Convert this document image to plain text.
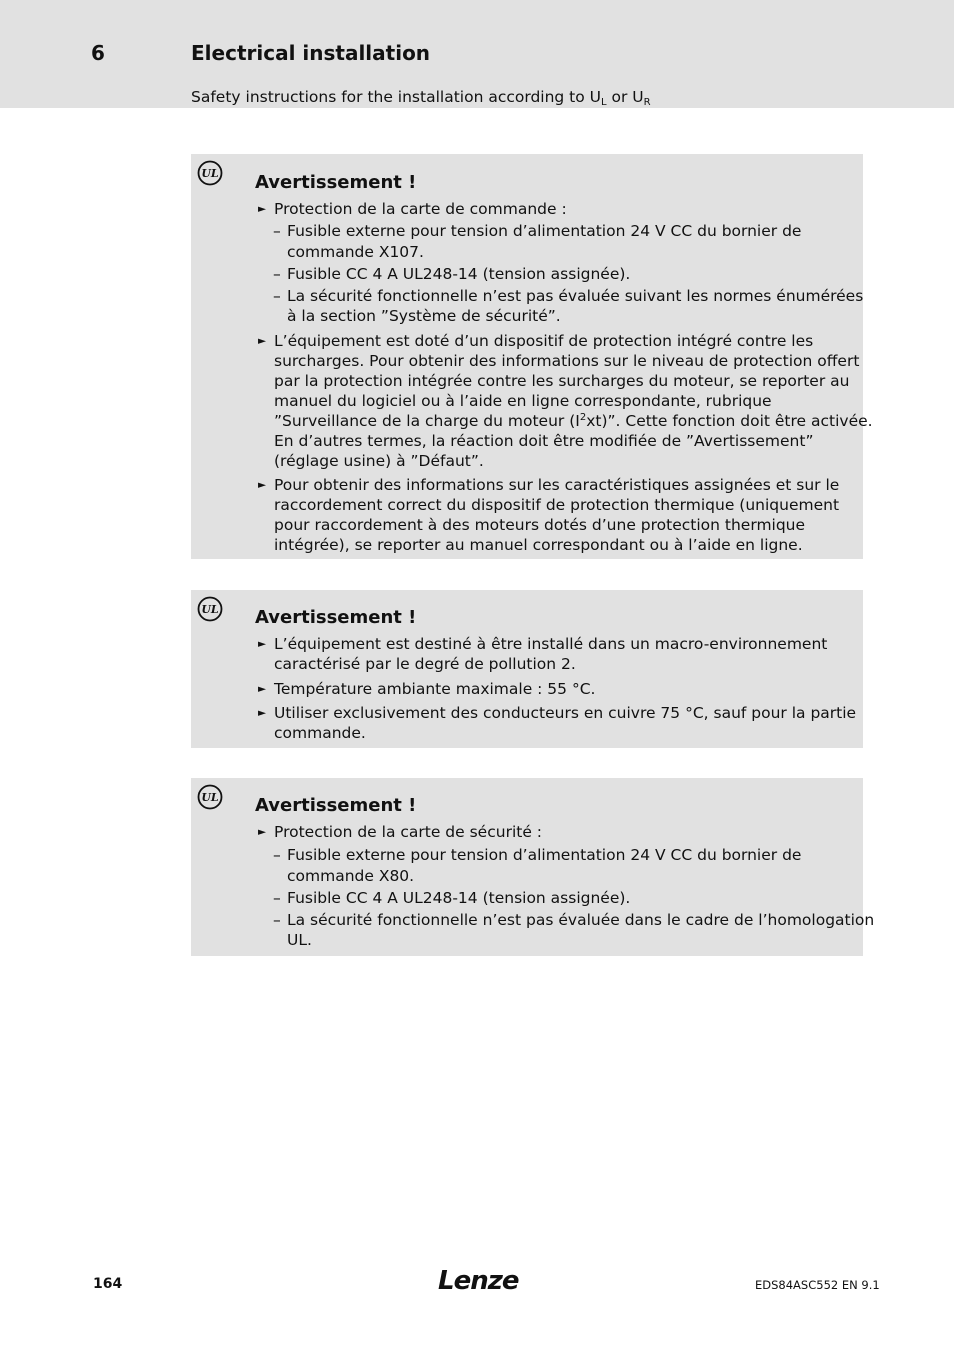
6	Electrical installation
Safety instructions for the installation according to $U_L$ or $U_R$
UL Avertissement !
► Protection de la carte de commande :
– Fusible externe pour tension d’alimentation 24 V CC du bornier de
commande X107.
– Fusible CC 4 A UL248-14 (tension assignée).
– La sécurité fonctionnelle n’est pas évaluée suivant les normes énumérées
à la section ”Système de sécurité”.
► L’équipement est doté d’un dispositif de protection intégré contre les
surcharges. Pour obtenir des informations sur le niveau de protection offert
par la protection intégrée contre les surcharges du moteur, se reporter au
manuel du logiciel ou à l’aide en ligne correspondante, rubrique
”Surveillance de la charge du moteur $(I^2xt)$”. Cette fonction doit être activée.
En d’autres termes, la réaction doit être modifiée de ”Avertissement”
(réglage usine) à ”Défaut”.
► Pour obtenir des informations sur les caractéristiques assignées et sur le
raccordement correct du dispositif de protection thermique (uniquement
pour raccordement à des moteurs dotés d’une protection thermique
intégrée), se reporter au manuel correspondant ou à l’aide en ligne.
UL Avertissement !
► L’équipement est destiné à être installé dans un macro-environnement
caractérisé par le degré de pollution 2.
► Température ambiante maximale : 55 °C.
► Utiliser exclusivement des conducteurs en cuivre 75 °C, sauf pour la partie
commande.
UL Avertissement !
► Protection de la carte de sécurité :
– Fusible externe pour tension d’alimentation 24 V CC du bornier de
commande X80.
– Fusible CC 4 A UL248-14 (tension assignée).
– La sécurité fonctionnelle n’est pas évaluée dans le cadre de l’homologation
UL.
164	Lenze	EDS84ASC552 EN 9.1
